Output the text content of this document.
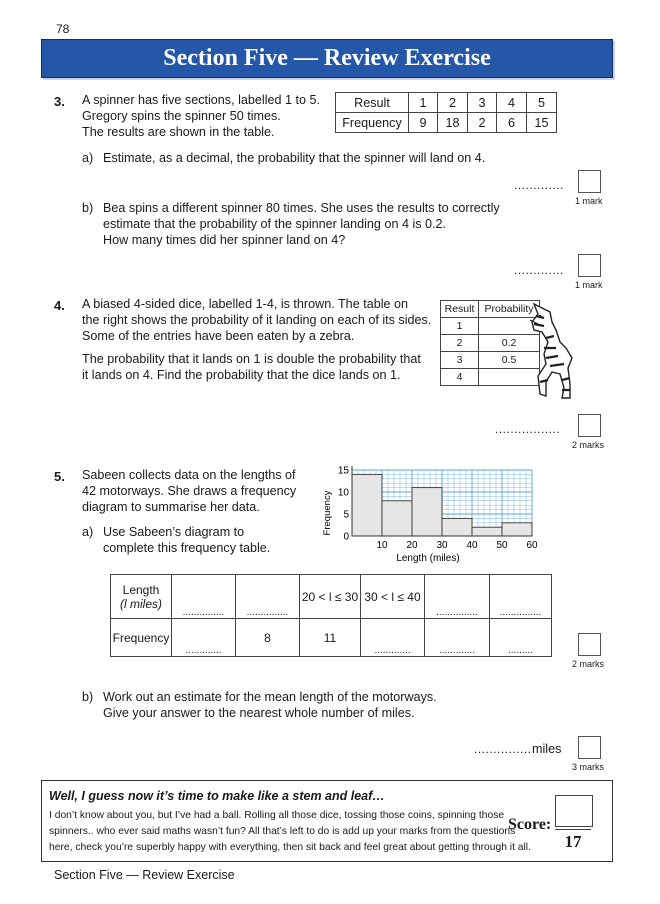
78
Section Five — Review Exercise
3. A spinner has five sections, labelled 1 to 5.
Gregory spins the spinner 50 times.
The results are shown in the table.
Result	1	2	3	4	5
Frequency	9	18	2	6	15
a) Estimate, as a decimal, the probability that the spinner will land on 4.
.............
1 mark
b) Bea spins a different spinner 80 times. She uses the results to correctly
estimate that the probability of the spinner landing on 4 is 0.2.
How many times did her spinner land on 4?
.............
1 mark
4. A biased 4-sided dice, labelled 1-4, is thrown. The table on
the right shows the probability of it landing on each of its sides.
Some of the entries have been eaten by a zebra.
The probability that it lands on 1 is double the probability that
it lands on 4. Find the probability that the dice lands on 1.
Result	Probability
1	
2	0.2
3	0.5
4	
.................
2 marks
5. Sabeen collects data on the lengths of
42 motorways. She draws a frequency
diagram to summarise her data.
a) Use Sabeen’s diagram to
complete this frequency table.	10 20 30 40 50 60
0
5
10
15
Length (miles)
Frequency
Length
(l miles)	...............	...............	20 < l ≤ 30	30 < l ≤ 40	...............	...............
Frequency	.............	8	11	.............	.............	.........
2 marks
b) Work out an estimate for the mean length of the motorways.
Give your answer to the nearest whole number of miles.
............... miles
3 marks
Well, I guess now it’s time to make like a stem and leaf…
I don’t know about you, but I’ve had a ball. Rolling all those dice, tossing those coins, spinning those
spinners.. who ever said maths wasn’t fun? All that’s left to do is add up your marks from the questions
here, check you’re superbly happy with everything, then sit back and feel great about getting through it all.
Score:
17
Section Five — Review Exercise
